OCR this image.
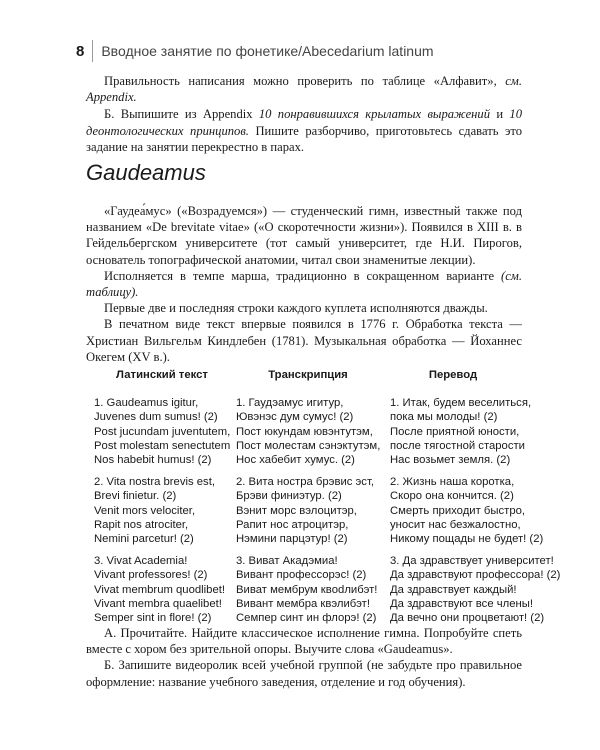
8 Вводное занятие по фонетике/Abecedarium latinum

Правильность написания можно проверить по таблице «Алфавит», см. Appendix.

Б. Выпишите из Appendix 10 понравившихся крылатых выражений и 10 деонтологических принципов. Пишите разборчиво, приготовьтесь сдавать это задание на занятии перекрестно в парах.

Gaudeamus

«Гаудеа́мус» («Возрадуемся») — студенческий гимн, известный также под названием «De brevitate vitae» («О скоротечности жизни»). Появился в XIII в. в Гейдельбергском университете (тот самый университет, где Н.И. Пирогов, основатель топографической анатомии, читал свои знаменитые лекции).

Исполняется в темпе марша, традиционно в сокращенном варианте (см. таблицу).

Первые две и последняя строки каждого куплета исполняются дважды.

В печатном виде текст впервые появился в 1776 г. Обработка текста — Христиан Вильгельм Киндлебен (1781). Музыкальная обработка — Йоханнес Окегем (XV в.).

Латинский текст	Транскрипция	Перевод
1. Gaudeamus igitur,
Juvenes dum sumus! (2)
Post jucundam juventutem,
Post molestam senectutem
Nos habebit humus! (2)
1. Гаудэамус игитур,
Ювэнэс дум сумус! (2)
Пост юкундам ювэнтутэм,
Пост молестам сэнэктутэм,
Нос хабебит хумус. (2)
1. Итак, будем веселиться,
пока мы молоды! (2)
После приятной юности,
после тягостной старости
Нас возьмет земля. (2)
2. Vita nostra brevis est,
Brevi finietur. (2)
Venit mors velociter,
Rapit nos atrociter,
Nemini parcetur! (2)
2. Вита ностра брэвис эст,
Брэви финиэтур. (2)
Вэнит морс вэлоцитэр,
Рапит нос атроцитэр,
Нэмини парцэтур! (2)
2. Жизнь наша коротка,
Скоро она кончится. (2)
Смерть приходит быстро,
уносит нас безжалостно,
Никому пощады не будет! (2)
3. Vivat Academia!
Vivant professores! (2)
Vivat membrum quodlibet!
Vivant membra quaelibet!
Semper sint in flore! (2)
3. Виват Акадэмиа!
Вивант профессорэс! (2)
Виват мембрум квodлибэт!
Вивант мембра квэлибэт!
Семпер синт ин флорэ! (2)
3. Да здравствует университет!
Да здравствуют профессора! (2)
Да здравствует каждый!
Да здравствуют все члены!
Да вечно они процветают! (2)

А. Прочитайте. Найдите классическое исполнение гимна. Попробуйте спеть вместе с хором без зрительной опоры. Выучите слова «Gaudeamus».

Б. Запишите видеоролик всей учебной группой (не забудьте про правильное оформление: название учебного заведения, отделение и год обучения).
